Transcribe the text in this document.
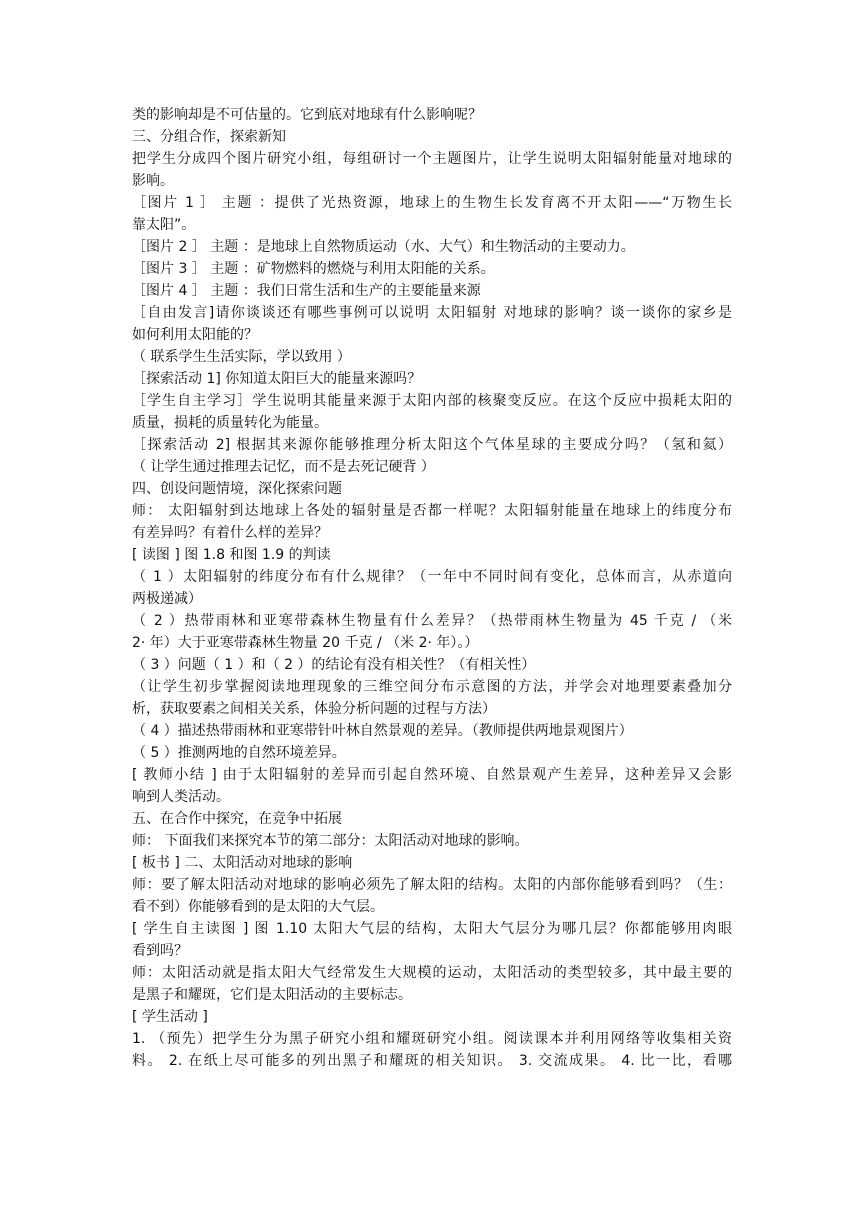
类的影响却是不可估量的。它到底对地球有什么影响呢？
三、分组合作，探索新知
把学生分成四个图片研究小组，每组研讨一个主题图片，让学生说明太阳辐射能量对地球的
影响。
［图片 1 ］ 主题 ：提供了光热资源，地球上的生物生长发育离不开太阳——“万物生长
靠太阳”。
［图片 2 ］ 主题 ：是地球上自然物质运动（水、大气）和生物活动的主要动力。
［图片 3 ］ 主题 ：矿物燃料的燃烧与利用太阳能的关系。
［图片 4 ］ 主题 ：我们日常生活和生产的主要能量来源
［自由发言]请你谈谈还有哪些事例可以说明 太阳辐射 对地球的影响？谈一谈你的家乡是
如何利用太阳能的？
（ 联系学生生活实际，学以致用 ）
［探索活动 1] 你知道太阳巨大的能量来源吗？
［学生自主学习］学生说明其能量来源于太阳内部的核聚变反应。在这个反应中损耗太阳的
质量，损耗的质量转化为能量。
［探索活动 2] 根据其来源你能够推理分析太阳这个气体星球的主要成分吗？（氢和氦）
（ 让学生通过推理去记忆，而不是去死记硬背 ）
四、创设问题情境，深化探索问题
师： 太阳辐射到达地球上各处的辐射量是否都一样呢？太阳辐射能量在地球上的纬度分布
有差异吗？有着什么样的差异？
[ 读图 ] 图 1.8 和图 1.9 的判读
（ 1 ）太阳辐射的纬度分布有什么规律？（一年中不同时间有变化，总体而言，从赤道向
两极递减）
（ 2 ）热带雨林和亚寒带森林生物量有什么差异？（热带雨林生物量为 45 千克 / （米
2· 年）大于亚寒带森林生物量 20 千克 / （米 2· 年）。）
（ 3 ）问题（ 1 ）和（ 2 ）的结论有没有相关性？（有相关性）
（让学生初步掌握阅读地理现象的三维空间分布示意图的方法，并学会对地理要素叠加分
析，获取要素之间相关关系，体验分析问题的过程与方法）
（ 4 ）描述热带雨林和亚寒带针叶林自然景观的差异。（教师提供两地景观图片）
（ 5 ）推测两地的自然环境差异。
[ 教师小结 ] 由于太阳辐射的差异而引起自然环境、自然景观产生差异，这种差异又会影
响到人类活动。
五、在合作中探究，在竞争中拓展
师： 下面我们来探究本节的第二部分：太阳活动对地球的影响。
[ 板书 ] 二、太阳活动对地球的影响
师：要了解太阳活动对地球的影响必须先了解太阳的结构。太阳的内部你能够看到吗？（生：
看不到）你能够看到的是太阳的大气层。
[ 学生自主读图 ] 图 1.10 太阳大气层的结构，太阳大气层分为哪几层？你都能够用肉眼
看到吗？
师：太阳活动就是指太阳大气经常发生大规模的运动，太阳活动的类型较多，其中最主要的
是黑子和耀斑，它们是太阳活动的主要标志。
[ 学生活动 ]
1. （预先）把学生分为黑子研究小组和耀斑研究小组。阅读课本并利用网络等收集相关资
料。 2. 在纸上尽可能多的列出黑子和耀斑的相关知识。 3. 交流成果。 4. 比一比，看哪
